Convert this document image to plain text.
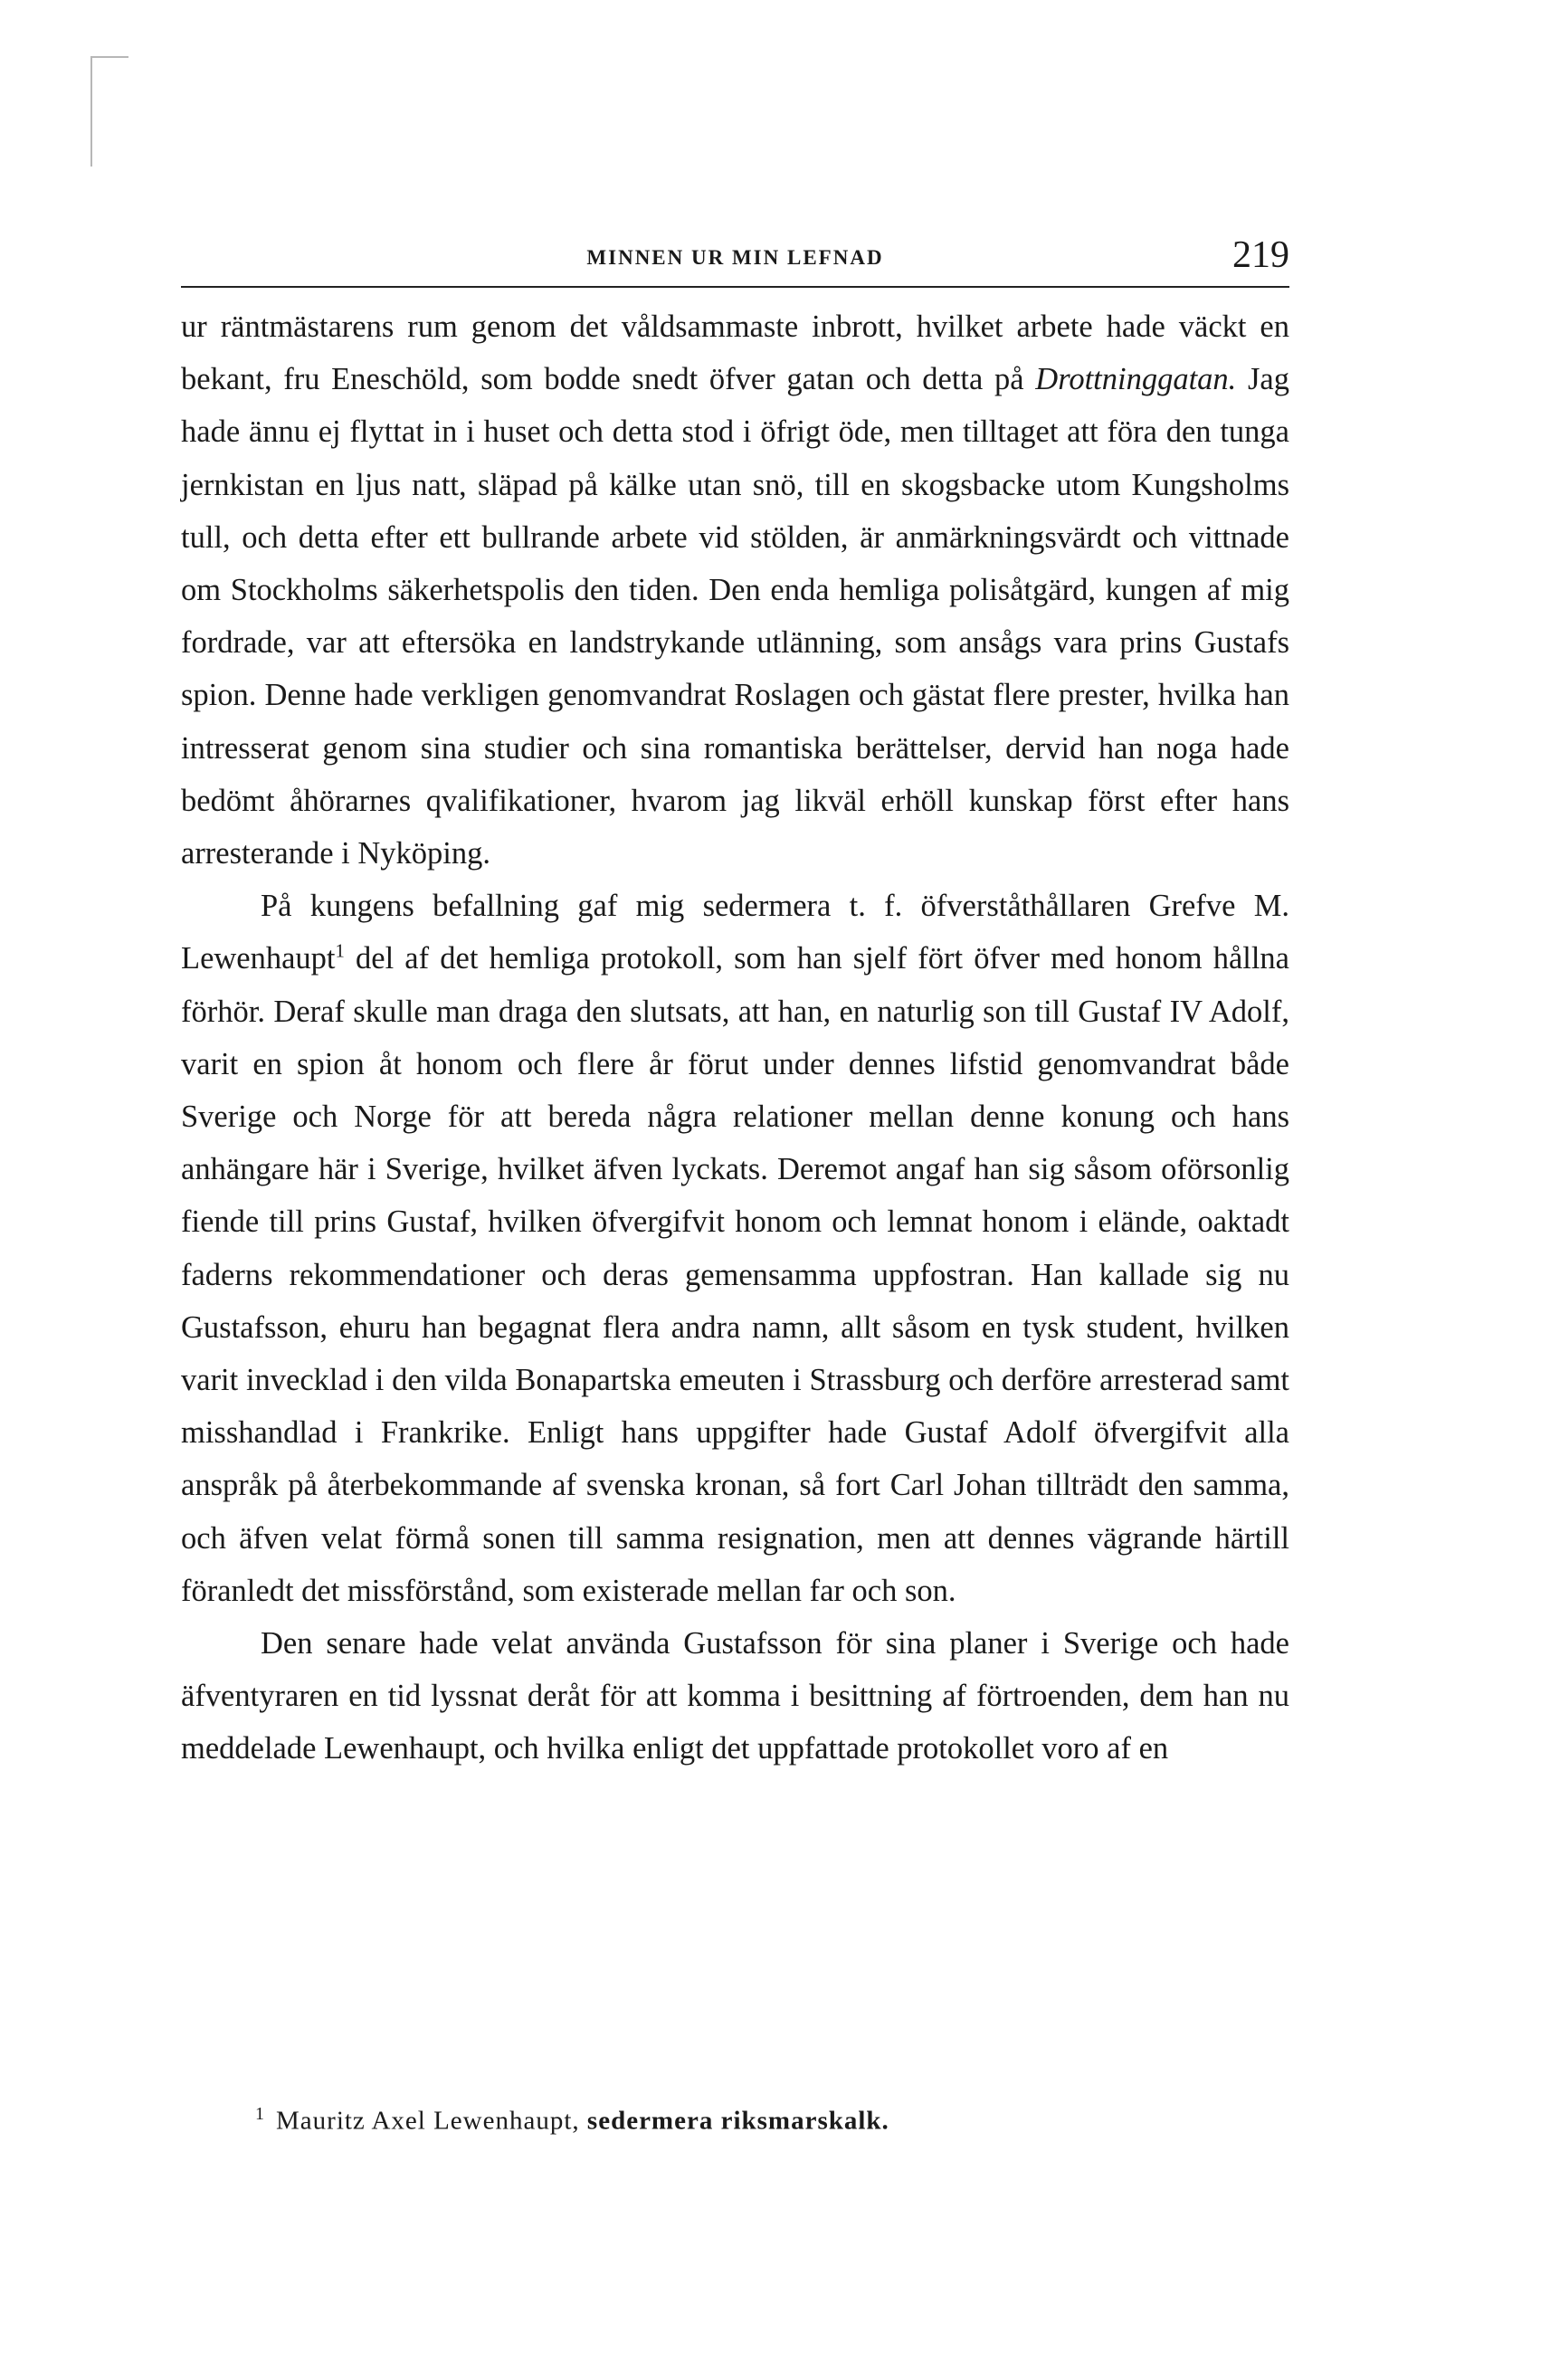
MINNEN UR MIN LEFNAD	219

ur räntmästarens rum genom det våldsammaste inbrott, hvilket arbete hade väckt en bekant, fru Eneschöld, som bodde snedt öfver gatan och detta på Drottninggatan. Jag hade ännu ej flyttat in i huset och detta stod i öfrigt öde, men tilltaget att föra den tunga jernkistan en ljus natt, släpad på kälke utan snö, till en skogsbacke utom Kungsholms tull, och detta efter ett bullrande arbete vid stölden, är anmärkningsvärdt och vittnade om Stockholms säkerhetspolis den tiden. Den enda hemliga polisåtgärd, kungen af mig fordrade, var att eftersöka en landstrykande utlänning, som ansågs vara prins Gustafs spion. Denne hade verkligen genomvandrat Roslagen och gästat flere prester, hvilka han intresserat genom sina studier och sina romantiska berättelser, dervid han noga hade bedömt åhörarnes qvalifikationer, hvarom jag likväl erhöll kunskap först efter hans arresterande i Nyköping.

På kungens befallning gaf mig sedermera t. f. öfverståthållaren Grefve M. Lewenhaupt$^1$ del af det hemliga protokoll, som han sjelf fört öfver med honom hållna förhör. Deraf skulle man draga den slutsats, att han, en naturlig son till Gustaf IV Adolf, varit en spion åt honom och flere år förut under dennes lifstid genomvandrat både Sverige och Norge för att bereda några relationer mellan denne konung och hans anhängare här i Sverige, hvilket äfven lyckats. Deremot angaf han sig såsom oförsonlig fiende till prins Gustaf, hvilken öfvergifvit honom och lemnat honom i elände, oaktadt faderns rekommendationer och deras gemensamma uppfostran. Han kallade sig nu Gustafsson, ehuru han begagnat flera andra namn, allt såsom en tysk student, hvilken varit invecklad i den vilda Bonapartska emeuten i Strassburg och derföre arresterad samt misshandlad i Frankrike. Enligt hans uppgifter hade Gustaf Adolf öfvergifvit alla anspråk på återbekommande af svenska kronan, så fort Carl Johan tillträdt den samma, och äfven velat förmå sonen till samma resignation, men att dennes vägrande härtill föranledt det missförstånd, som existerade mellan far och son.

Den senare hade velat använda Gustafsson för sina planer i Sverige och hade äfventyraren en tid lyssnat deråt för att komma i besittning af förtroenden, dem han nu meddelade Lewenhaupt, och hvilka enligt det uppfattade protokollet voro af en

$^1$ Mauritz Axel Lewenhaupt, sedermera riksmarskalk.
